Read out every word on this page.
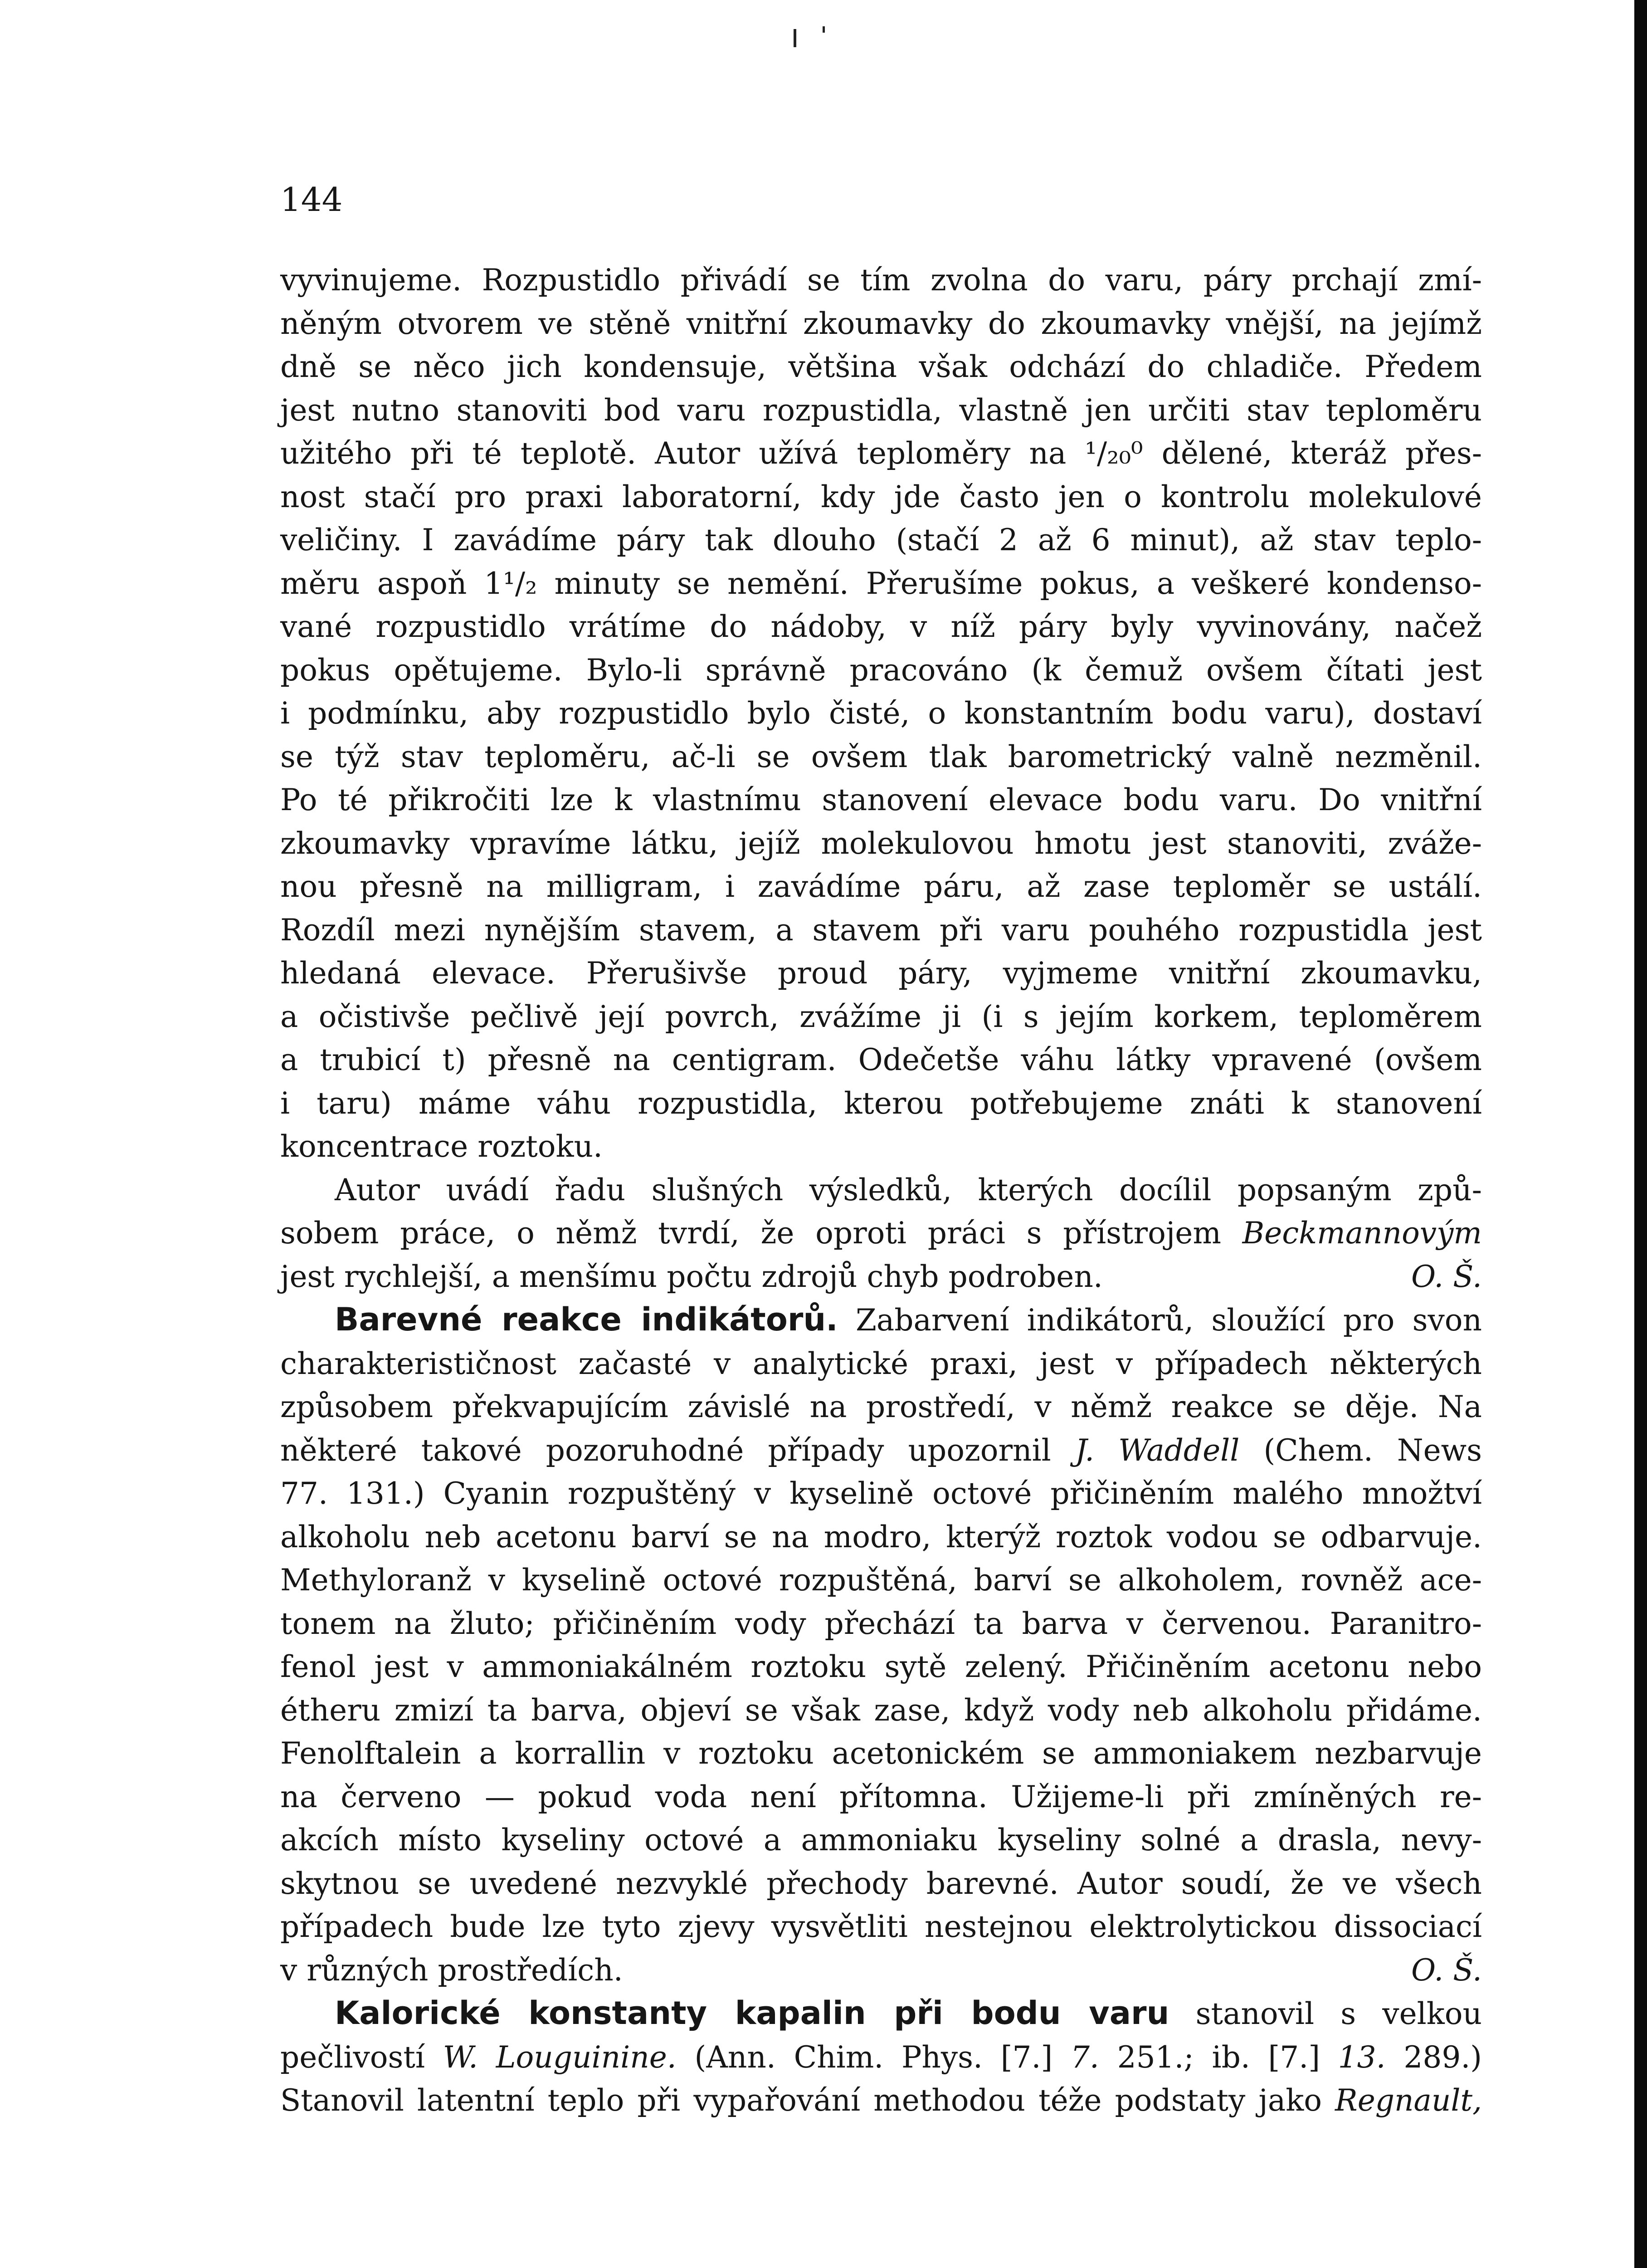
144
vyvinujeme. Rozpustidlo přivádí se tím zvolna do varu, páry prchají zmí-
něným otvorem ve stěně vnitřní zkoumavky do zkoumavky vnější, na jejímž
dně se něco jich kondensuje, většina však odchází do chladiče. Předem
jest nutno stanoviti bod varu rozpustidla, vlastně jen určiti stav teploměru
užitého při té teplotě. Autor užívá teploměry na ¹/₂₀⁰ dělené, kteráž přes-
nost stačí pro praxi laboratorní, kdy jde často jen o kontrolu molekulové
veličiny. I zavádíme páry tak dlouho (stačí 2 až 6 minut), až stav teplo-
měru aspoň 1¹/₂ minuty se nemění. Přerušíme pokus, a veškeré kondenso-
vané rozpustidlo vrátíme do nádoby, v níž páry byly vyvinovány, načež
pokus opětujeme. Bylo-li správně pracováno (k čemuž ovšem čítati jest
i podmínku, aby rozpustidlo bylo čisté, o konstantním bodu varu), dostaví
se týž stav teploměru, ač-li se ovšem tlak barometrický valně nezměnil.
Po té přikročiti lze k vlastnímu stanovení elevace bodu varu. Do vnitřní
zkoumavky vpravíme látku, jejíž molekulovou hmotu jest stanoviti, zvážе-
nou přesně na milligram, i zavádíme páru, až zase teploměr se ustálí.
Rozdíl mezi nynějším stavem, a stavem při varu pouhého rozpustidla jest
hledaná elevace. Přerušivše proud páry, vyjmeme vnitřní zkoumavku,
a očistivše pečlivě její povrch, zvážíme ji (i s jejím korkem, teploměrem
a trubicí t) přesně na centigram. Odečetše váhu látky vpravené (ovšem
i taru) máme váhu rozpustidla, kterou potřebujeme znáti k stanovení
koncentrace roztoku.
Autor uvádí řadu slušných výsledků, kterých docílil popsaným způ-
sobem práce, o němž tvrdí, že oproti práci s přístrojem Beckmannovým
jest rychlejší, a menšímu počtu zdrojů chyb podroben.	O. Š.
Barevné reakce indikátorů. Zabarvení indikátorů, sloužící pro svon
charakterističnost začasté v analytické praxi, jest v případech některých
způsobem překvapujícím závislé na prostředí, v němž reakce se děje. Na
některé takové pozoruhodné případy upozornil J. Waddell (Chem. News
77. 131.) Cyanin rozpuštěný v kyselině octové přičiněním malého množtví
alkoholu neb acetonu barví se na modro, kterýž roztok vodou se odbarvuje.
Methyloranž v kyselině octové rozpuštěná, barví se alkoholem, rovněž ace-
tonem na žluto; přičiněním vody přechází ta barva v červenou. Paranitro-
fenol jest v ammoniakálném roztoku sytě zelený. Přičiněním acetonu nebo
étheru zmizí ta barva, objeví se však zase, když vody neb alkoholu přidáme.
Fenolftalein a korrallin v roztoku acetonickém se ammoniakem nezbarvuje
na červeno — pokud voda není přítomna. Užijeme-li při zmíněných re-
akcích místo kyseliny octové a ammoniaku kyseliny solné a drasla, nevy-
skytnou se uvedené nezvyklé přechody barevné. Autor soudí, že ve všech
případech bude lze tyto zjevy vysvětliti nestejnou elektrolytickou dissociací
v různých prostředích.	O. Š.
Kalorické konstanty kapalin při bodu varu stanovil s velkou
pečlivostí W. Louguinine. (Ann. Chim. Phys. [7.] 7. 251.; ib. [7.] 13. 289.)
Stanovil latentní teplo při vypařování methodou téže podstaty jako Regnault,
